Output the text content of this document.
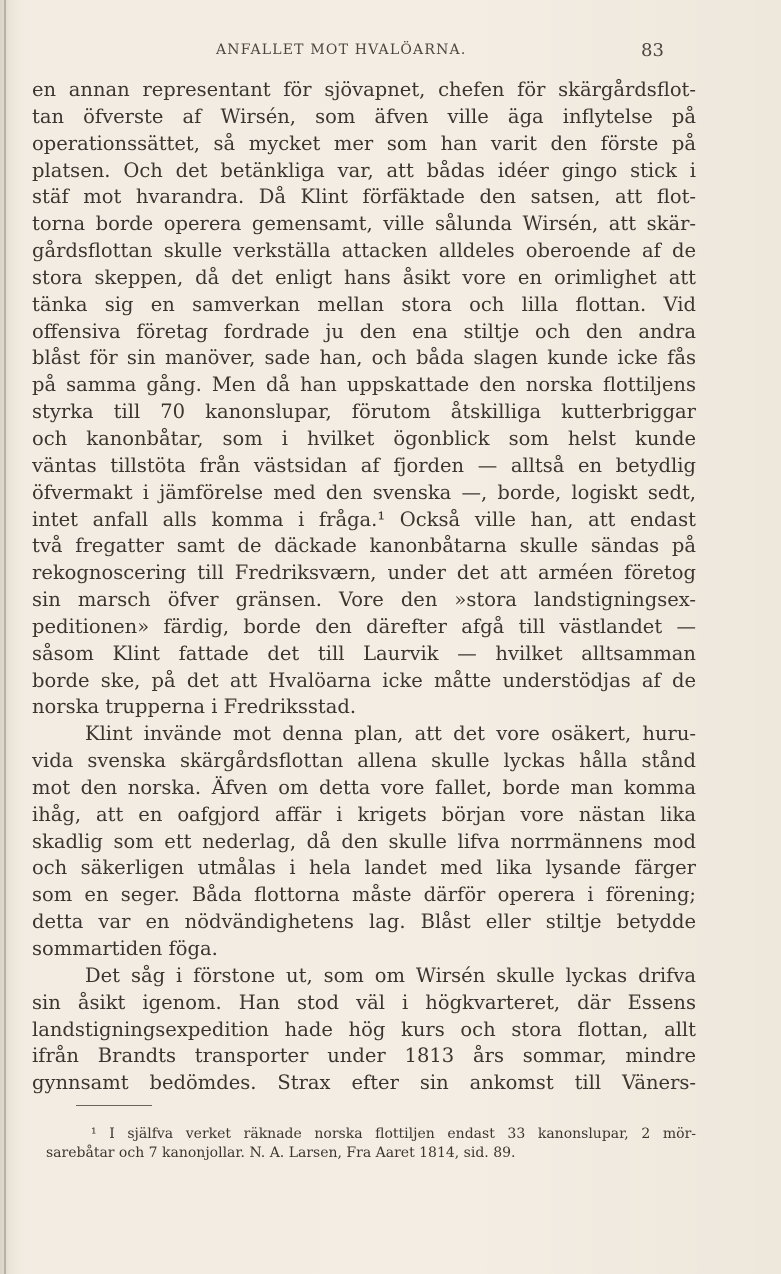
ANFALLET MOT HVALÖARNA.	83
en annan representant för sjövapnet, chefen för skärgårdsflot-
tan öfverste af Wirsén, som äfven ville äga inflytelse på
operationssättet, så mycket mer som han varit den förste på
platsen. Och det betänkliga var, att bådas idéer gingo stick i
stäf mot hvarandra. Då Klint förfäktade den satsen, att flot-
torna borde operera gemensamt, ville sålunda Wirsén, att skär-
gårdsflottan skulle verkställa attacken alldeles oberoende af de
stora skeppen, då det enligt hans åsikt vore en orimlighet att
tänka sig en samverkan mellan stora och lilla flottan. Vid
offensiva företag fordrade ju den ena stiltje och den andra
blåst för sin manöver, sade han, och båda slagen kunde icke fås
på samma gång. Men då han uppskattade den norska flottiljens
styrka till 70 kanonslupar, förutom åtskilliga kutterbriggar
och kanonbåtar, som i hvilket ögonblick som helst kunde
väntas tillstöta från västsidan af fjorden — alltså en betydlig
öfvermakt i jämförelse med den svenska —, borde, logiskt sedt,
intet anfall alls komma i fråga.¹ Också ville han, att endast
två fregatter samt de däckade kanonbåtarna skulle sändas på
rekognoscering till Fredriksværn, under det att arméen företog
sin marsch öfver gränsen. Vore den »stora landstigningsex-
peditionen» färdig, borde den därefter afgå till västlandet —
såsom Klint fattade det till Laurvik — hvilket alltsamman
borde ske, på det att Hvalöarna icke måtte understödjas af de
norska trupperna i Fredriksstad.
Klint invände mot denna plan, att det vore osäkert, huru-
vida svenska skärgårdsflottan allena skulle lyckas hålla stånd
mot den norska. Äfven om detta vore fallet, borde man komma
ihåg, att en oafgjord affär i krigets början vore nästan lika
skadlig som ett nederlag, då den skulle lifva norrmännens mod
och säkerligen utmålas i hela landet med lika lysande färger
som en seger. Båda flottorna måste därför operera i förening;
detta var en nödvändighetens lag. Blåst eller stiltje betydde
sommartiden föga.
Det såg i förstone ut, som om Wirsén skulle lyckas drifva
sin åsikt igenom. Han stod väl i högkvarteret, där Essens
landstigningsexpedition hade hög kurs och stora flottan, allt
ifrån Brandts transporter under 1813 års sommar, mindre
gynnsamt bedömdes. Strax efter sin ankomst till Väners-
¹ I själfva verket räknade norska flottiljen endast 33 kanonslupar, 2 mör-
sarebåtar och 7 kanonjollar. N. A. Larsen, Fra Aaret 1814, sid. 89.
